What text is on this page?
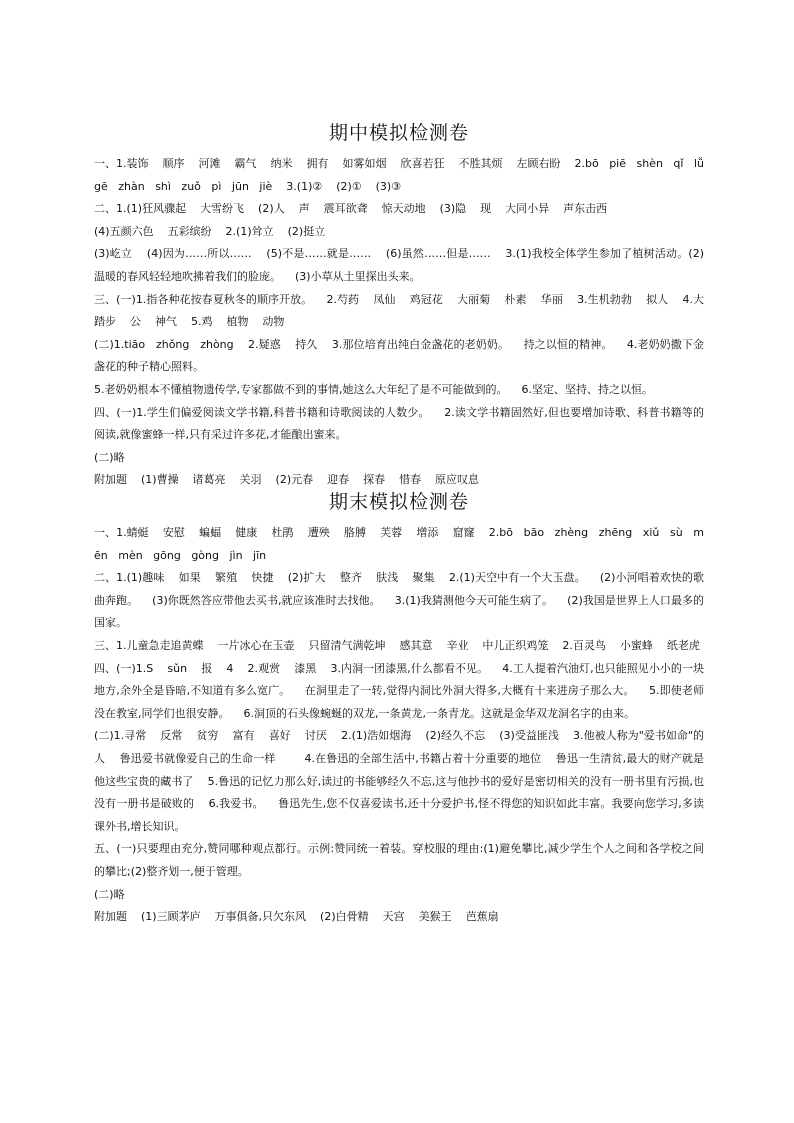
期中模拟检测卷

一、1.装饰    顺序    河滩    霸气    纳米    拥有    如雾如烟    欣喜若狂    不胜其烦    左顾右盼    2.bō   piē   shèn   qǐ   lǚ   gē   zhàn   shì   zuǒ   pì   jūn   jiè    3.(1)②    (2)①    (3)③

二、1.(1)狂风骤起    大雪纷飞    (2)人    声    震耳欲聋    惊天动地    (3)隐    现    大同小异    声东击西

(4)五颜六色    五彩缤纷    2.(1)耸立    (2)挺立

(3)屹立    (4)因为……所以……    (5)不是……就是……    (6)虽然……但是……    3.(1)我校全体学生参加了植树活动。(2)温暖的春风轻轻地吹拂着我们的脸庞。    (3)小草从土里探出头来。

三、(一)1.指各种花按春夏秋冬的顺序开放。    2.芍药    凤仙    鸡冠花    大丽菊    朴素    华丽    3.生机勃勃    拟人    4.大踏步    公    神气    5.鸡    植物    动物

(二)1.tiāo   zhǒng   zhòng    2.疑惑    持久    3.那位培育出纯白金盏花的老奶奶。    持之以恒的精神。    4.老奶奶撒下金盏花的种子精心照料。

5.老奶奶根本不懂植物遗传学,专家都做不到的事情,她这么大年纪了是不可能做到的。    6.坚定、坚持、持之以恒。

四、(一)1.学生们偏爱阅读文学书籍,科普书籍和诗歌阅读的人数少。    2.读文学书籍固然好,但也要增加诗歌、科普书籍等的阅读,就像蜜蜂一样,只有采过许多花,才能酿出蜜来。

(二)略

附加题    (1)曹操    诸葛亮    关羽    (2)元春    迎春    探春    惜春    原应叹息

期末模拟检测卷

一、1.蜻蜓    安慰    蝙蝠    健康    杜鹃    遭殃    胳膊    芙蓉    增添    窟窿    2.bō   bāo   zhèng   zhēng   xiǔ   sù   mēn   mèn   gōng   gòng   jìn   jīn

二、1.(1)趣味    如果    繁殖    快捷    (2)扩大    整齐    肤浅    聚集    2.(1)天空中有一个大玉盘。    (2)小河唱着欢快的歌曲奔跑。    (3)你既然答应带他去买书,就应该准时去找他。    3.(1)我猜测他今天可能生病了。    (2)我国是世界上人口最多的国家。

三、1.儿童急走追黄蝶    一片冰心在玉壶    只留清气满乾坤    感其意    辛业    中儿正织鸡笼    2.百灵鸟    小蜜蜂    纸老虎

四、(一)1.S    sǔn    报    4    2.观赏    漆黑    3.内洞一团漆黑,什么都看不见。    4.工人提着汽油灯,也只能照见小小的一块地方,余外全是昏暗,不知道有多么宽广。    在洞里走了一转,觉得内洞比外洞大得多,大概有十来进房子那么大。    5.即使老师没在教室,同学们也很安静。    6.洞顶的石头像蜿蜒的双龙,一条黄龙,一条青龙。这就是金华双龙洞名字的由来。

(二)1.寻常    反常    贫穷    富有    喜好    讨厌    2.(1)浩如烟海    (2)经久不忘    (3)受益匪浅    3.他被人称为"爱书如命"的人    鲁迅爱书就像爱自己的生命一样        4.在鲁迅的全部生活中,书籍占着十分重要的地位    鲁迅一生清贫,最大的财产就是他这些宝贵的藏书了    5.鲁迅的记忆力那么好,读过的书能够经久不忘,这与他抄书的爱好是密切相关的没有一册书里有污损,也没有一册书是破败的    6.我爱书。    鲁迅先生,您不仅喜爱读书,还十分爱护书,怪不得您的知识如此丰富。我要向您学习,多读课外书,增长知识。

五、(一)只要理由充分,赞同哪种观点都行。示例:赞同统一着装。穿校服的理由:(1)避免攀比,减少学生个人之间和各学校之间的攀比;(2)整齐划一,便于管理。

(二)略

附加题    (1)三顾茅庐    万事俱备,只欠东风    (2)白骨精    天宫    美猴王    芭蕉扇
